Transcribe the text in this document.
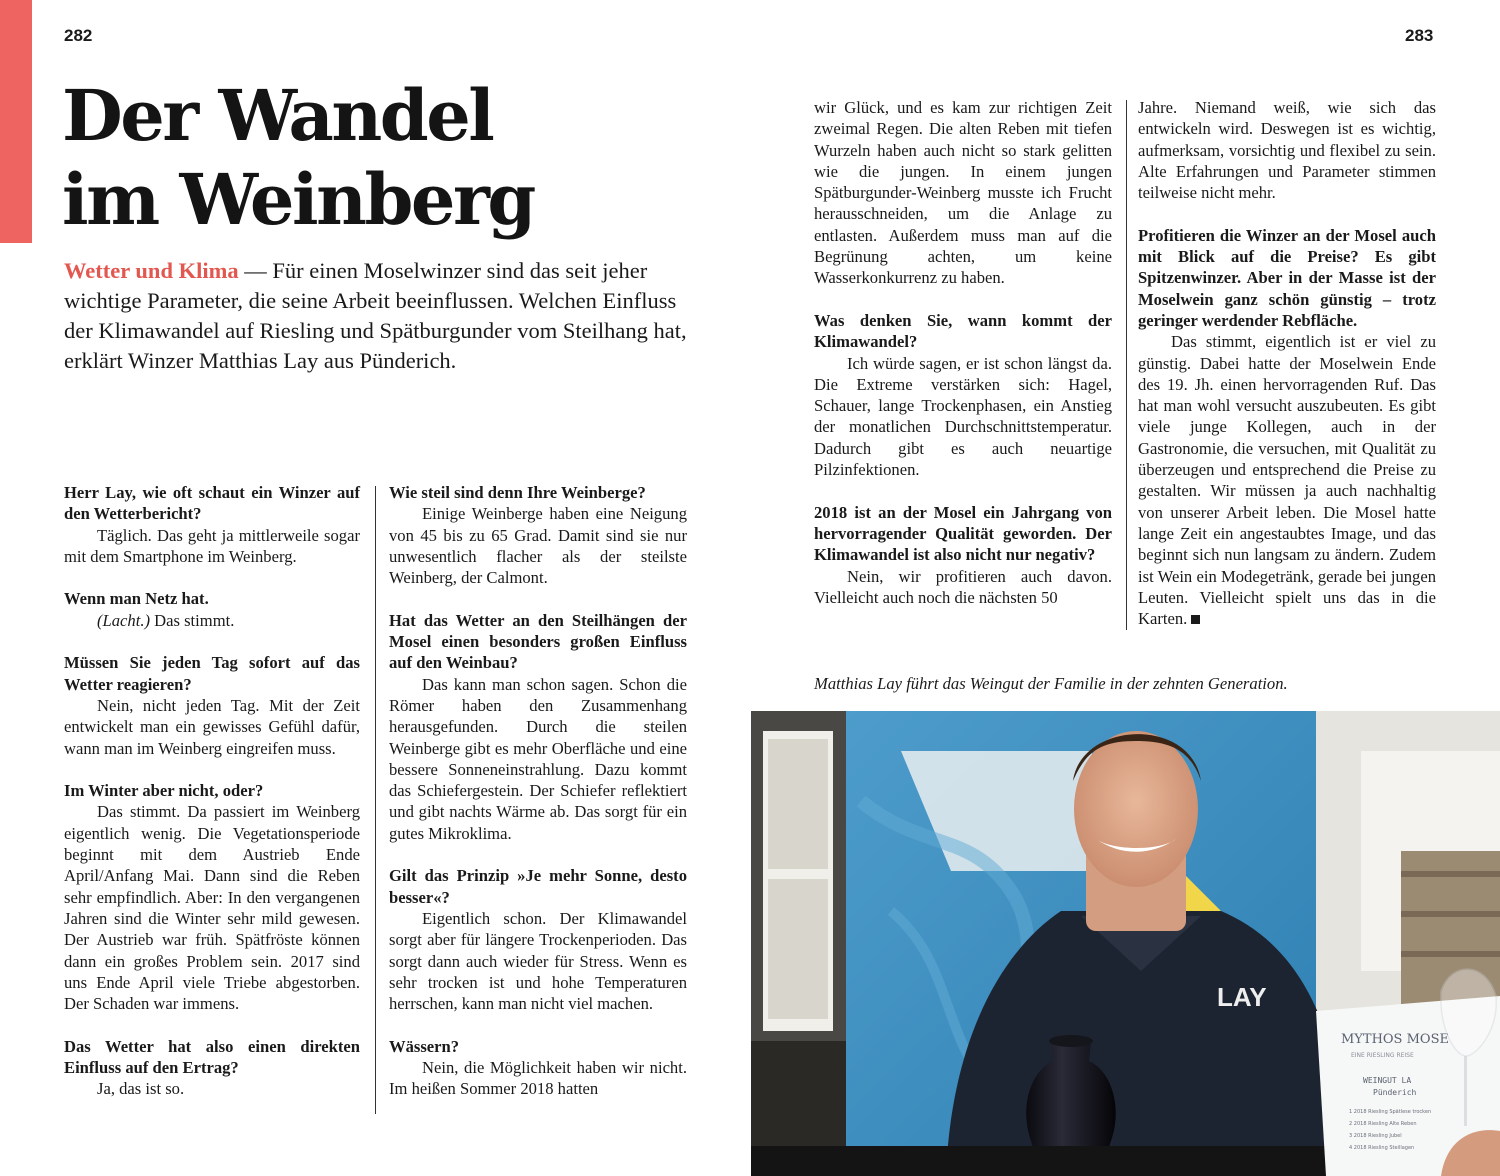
282	283
Der Wandel
im Weinberg

Wetter und Klima — Für einen Moselwinzer sind das seit jeher wichtige Parameter, die seine Arbeit beeinflussen. Welchen Einfluss der Klimawandel auf Riesling und Spätburgunder vom Steilhang hat, erklärt Winzer Matthias Lay aus Pünderich.

Herr Lay, wie oft schaut ein Winzer auf den Wetterbericht?

Täglich. Das geht ja mittlerweile sogar mit dem Smartphone im Weinberg.

Wenn man Netz hat.

(Lacht.) Das stimmt.

Müssen Sie jeden Tag sofort auf das Wetter reagieren?

Nein, nicht jeden Tag. Mit der Zeit entwickelt man ein gewisses Gefühl dafür, wann man im Weinberg eingreifen muss.

Im Winter aber nicht, oder?

Das stimmt. Da passiert im Weinberg eigentlich wenig. Die Vegetationsperiode beginnt mit dem Austrieb Ende April/Anfang Mai. Dann sind die Reben sehr empfindlich. Aber: In den vergangenen Jahren sind die Winter sehr mild gewesen. Der Austrieb war früh. Spätfröste können dann ein großes Problem sein. 2017 sind uns Ende April viele Triebe abgestorben. Der Schaden war immens.

Das Wetter hat also einen direkten Einfluss auf den Ertrag?

Ja, das ist so.

Wie steil sind denn Ihre Weinberge?

Einige Weinberge haben eine Neigung von 45 bis zu 65 Grad. Damit sind sie nur unwesentlich flacher als der steilste Weinberg, der Calmont.

Hat das Wetter an den Steilhängen der Mosel einen besonders großen Einfluss auf den Weinbau?

Das kann man schon sagen. Schon die Römer haben den Zusammenhang herausgefunden. Durch die steilen Weinberge gibt es mehr Oberfläche und eine bessere Sonneneinstrahlung. Dazu kommt das Schiefergestein. Der Schiefer reflektiert und gibt nachts Wärme ab. Das sorgt für ein gutes Mikroklima.

Gilt das Prinzip »Je mehr Sonne, desto besser«?

Eigentlich schon. Der Klimawandel sorgt aber für längere Trockenperioden. Das sorgt dann auch wieder für Stress. Wenn es sehr trocken ist und hohe Temperaturen herrschen, kann man nicht viel machen.

Wässern?

Nein, die Möglichkeit haben wir nicht. Im heißen Sommer 2018 hatten

wir Glück, und es kam zur richtigen Zeit zweimal Regen. Die alten Reben mit tiefen Wurzeln haben auch nicht so stark gelitten wie die jungen. In einem jungen Spätburgunder-Weinberg musste ich Frucht herausschneiden, um die Anlage zu entlasten. Außerdem muss man auf die Begrünung achten, um keine Wasserkonkurrenz zu haben.

Was denken Sie, wann kommt der Klimawandel?

Ich würde sagen, er ist schon längst da. Die Extreme verstärken sich: Hagel, Schauer, lange Trockenphasen, ein Anstieg der monatlichen Durchschnittstemperatur. Dadurch gibt es auch neuartige Pilzinfektionen.

2018 ist an der Mosel ein Jahrgang von hervorragender Qualität geworden. Der Klimawandel ist also nicht nur negativ?

Nein, wir profitieren auch davon. Vielleicht auch noch die nächsten 50

Jahre. Niemand weiß, wie sich das entwickeln wird. Deswegen ist es wichtig, aufmerksam, vorsichtig und flexibel zu sein. Alte Erfahrungen und Parameter stimmen teilweise nicht mehr.

Profitieren die Winzer an der Mosel auch mit Blick auf die Preise? Es gibt Spitzenwinzer. Aber in der Masse ist der Moselwein ganz schön günstig – trotz geringer werdender Rebfläche.

Das stimmt, eigentlich ist er viel zu günstig. Dabei hatte der Moselwein Ende des 19. Jh. einen hervorragenden Ruf. Das hat man wohl versucht auszubeuten. Es gibt viele junge Kollegen, auch in der Gastronomie, die versuchen, mit Qualität zu überzeugen und entsprechend die Preise zu gestalten. Wir müssen ja auch nachhaltig von unserer Arbeit leben. Die Mosel hatte lange Zeit ein angestaubtes Image, und das beginnt sich nun langsam zu ändern. Zudem ist Wein ein Modegetränk, gerade bei jungen Leuten. Vielleicht spielt uns das in die Karten.

Matthias Lay führt das Weingut der Familie in der zehnten Generation.
LAY
MYTHOS MOSE
EINE RIESLING REISE
WEINGUT LA
Pünderich
1 2018 Riesling Spätlese trocken
2 2018 Riesling Alte Reben
3 2018 Riesling Jubel
4 2018 Riesling Steillagen
